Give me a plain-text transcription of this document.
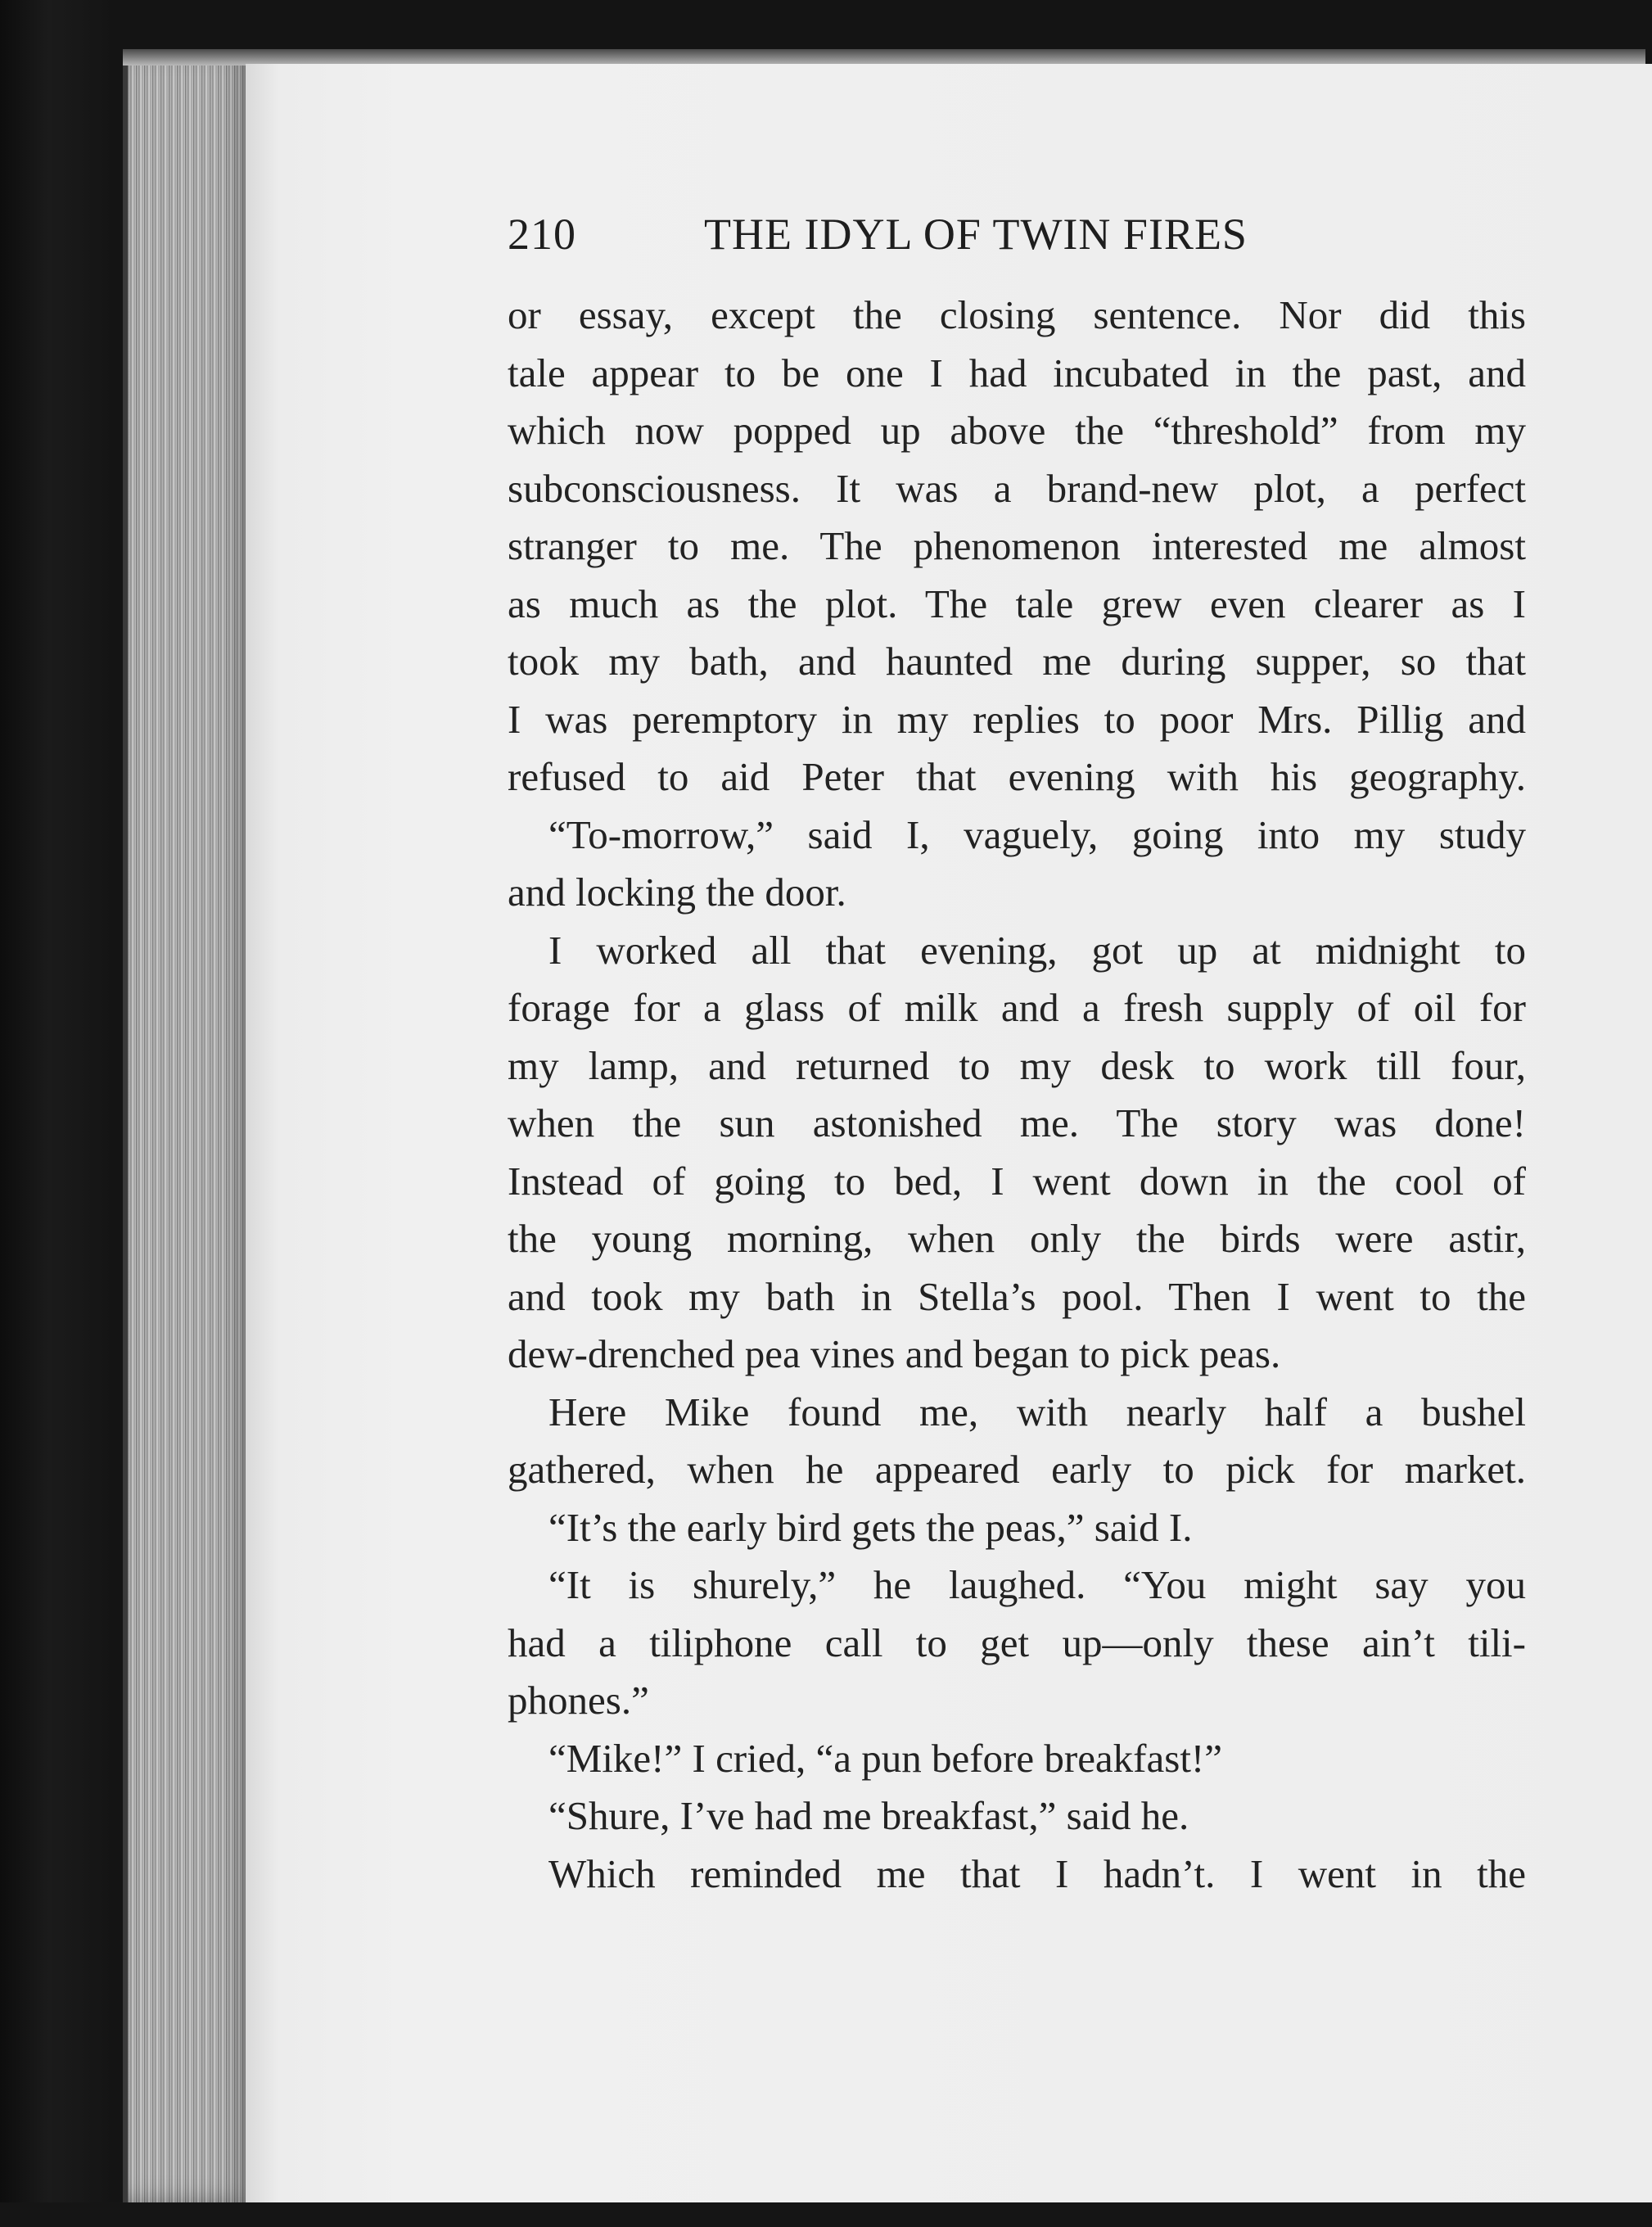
210	THE IDYL OF TWIN FIRES
or essay, except the closing sentence. Nor did this
tale appear to be one I had incubated in the past, and
which now popped up above the “threshold” from my
subconsciousness. It was a brand-new plot, a perfect
stranger to me. The phenomenon interested me almost
as much as the plot. The tale grew even clearer as I
took my bath, and haunted me during supper, so that
I was peremptory in my replies to poor Mrs. Pillig and
refused to aid Peter that evening with his geography.
“To-morrow,” said I, vaguely, going into my study
and locking the door.
I worked all that evening, got up at midnight to
forage for a glass of milk and a fresh supply of oil for
my lamp, and returned to my desk to work till four,
when the sun astonished me. The story was done!
Instead of going to bed, I went down in the cool of
the young morning, when only the birds were astir,
and took my bath in Stella’s pool. Then I went to the
dew-drenched pea vines and began to pick peas.
Here Mike found me, with nearly half a bushel
gathered, when he appeared early to pick for market.
“It’s the early bird gets the peas,” said I.
“It is shurely,” he laughed. “You might say you
had a tiliphone call to get up—only these ain’t tili-
phones.”
“Mike!” I cried, “a pun before breakfast!”
“Shure, I’ve had me breakfast,” said he.
Which reminded me that I hadn’t. I went in the
